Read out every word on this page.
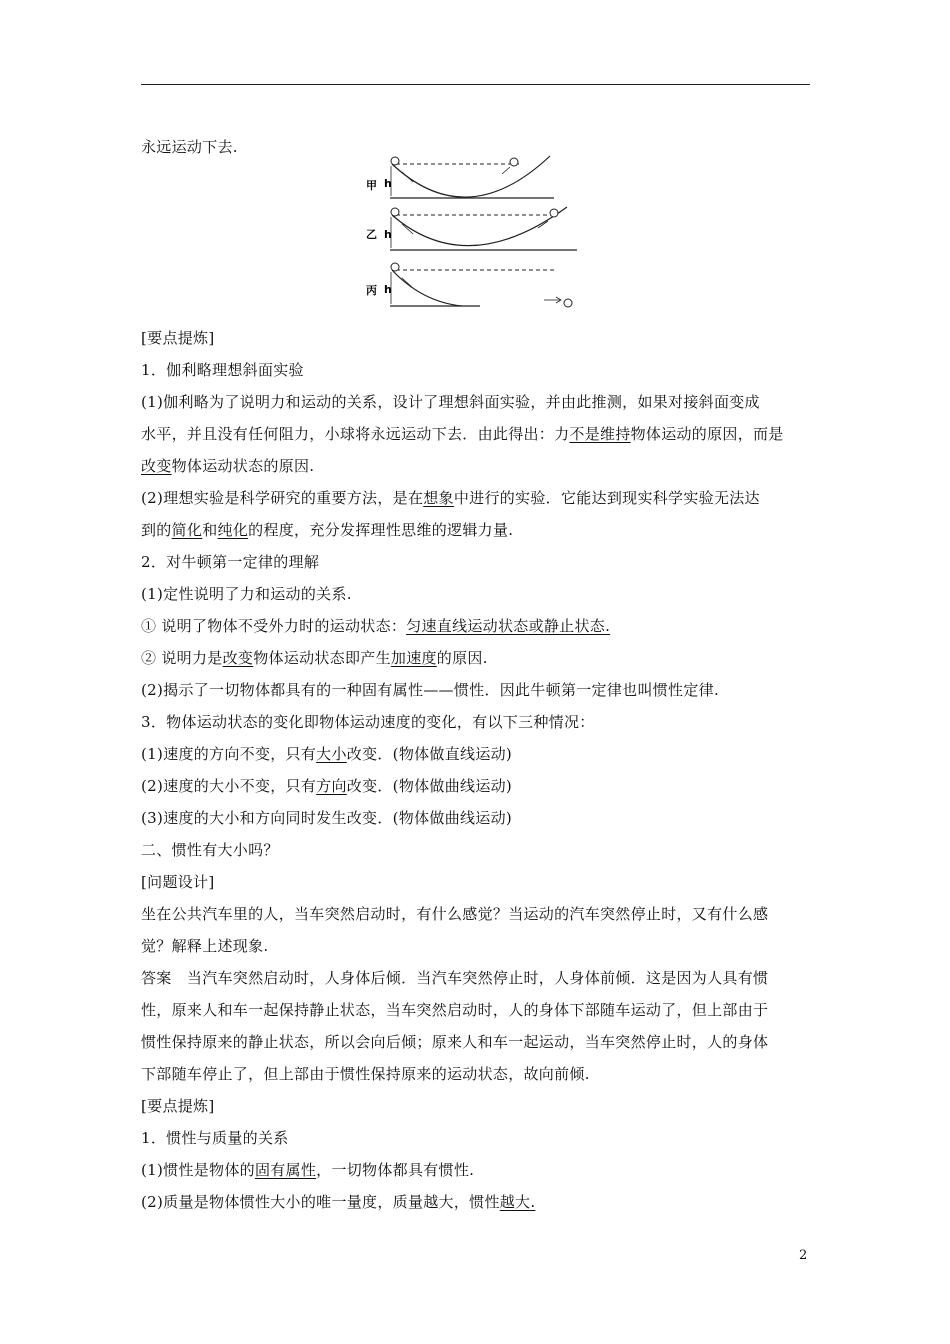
永远运动下去.
[要点提炼]
1．伽利略理想斜面实验
(1)伽利略为了说明力和运动的关系，设计了理想斜面实验，并由此推测，如果对接斜面变成
水平，并且没有任何阻力，小球将永远运动下去．由此得出：力不是维持物体运动的原因，而是
改变物体运动状态的原因.
(2)理想实验是科学研究的重要方法，是在想象中进行的实验．它能达到现实科学实验无法达
到的简化和纯化的程度，充分发挥理性思维的逻辑力量.
2．对牛顿第一定律的理解
(1)定性说明了力和运动的关系.
① 说明了物体不受外力时的运动状态：匀速直线运动状态或静止状态.
② 说明力是改变物体运动状态即产生加速度的原因.
(2)揭示了一切物体都具有的一种固有属性——惯性．因此牛顿第一定律也叫惯性定律.
3．物体运动状态的变化即物体运动速度的变化，有以下三种情况：
(1)速度的方向不变，只有大小改变．(物体做直线运动)
(2)速度的大小不变，只有方向改变．(物体做曲线运动)
(3)速度的大小和方向同时发生改变．(物体做曲线运动)
二、惯性有大小吗？
[问题设计]
坐在公共汽车里的人，当车突然启动时，有什么感觉？当运动的汽车突然停止时，又有什么感
觉？解释上述现象.
答案　当汽车突然启动时，人身体后倾．当汽车突然停止时，人身体前倾．这是因为人具有惯
性，原来人和车一起保持静止状态，当车突然启动时，人的身体下部随车运动了，但上部由于
惯性保持原来的静止状态，所以会向后倾；原来人和车一起运动，当车突然停止时，人的身体
下部随车停止了，但上部由于惯性保持原来的运动状态，故向前倾.
[要点提炼]
1．惯性与质量的关系
(1)惯性是物体的固有属性，一切物体都具有惯性.
(2)质量是物体惯性大小的唯一量度，质量越大，惯性越大.
甲 h
乙 h
丙 h
2
